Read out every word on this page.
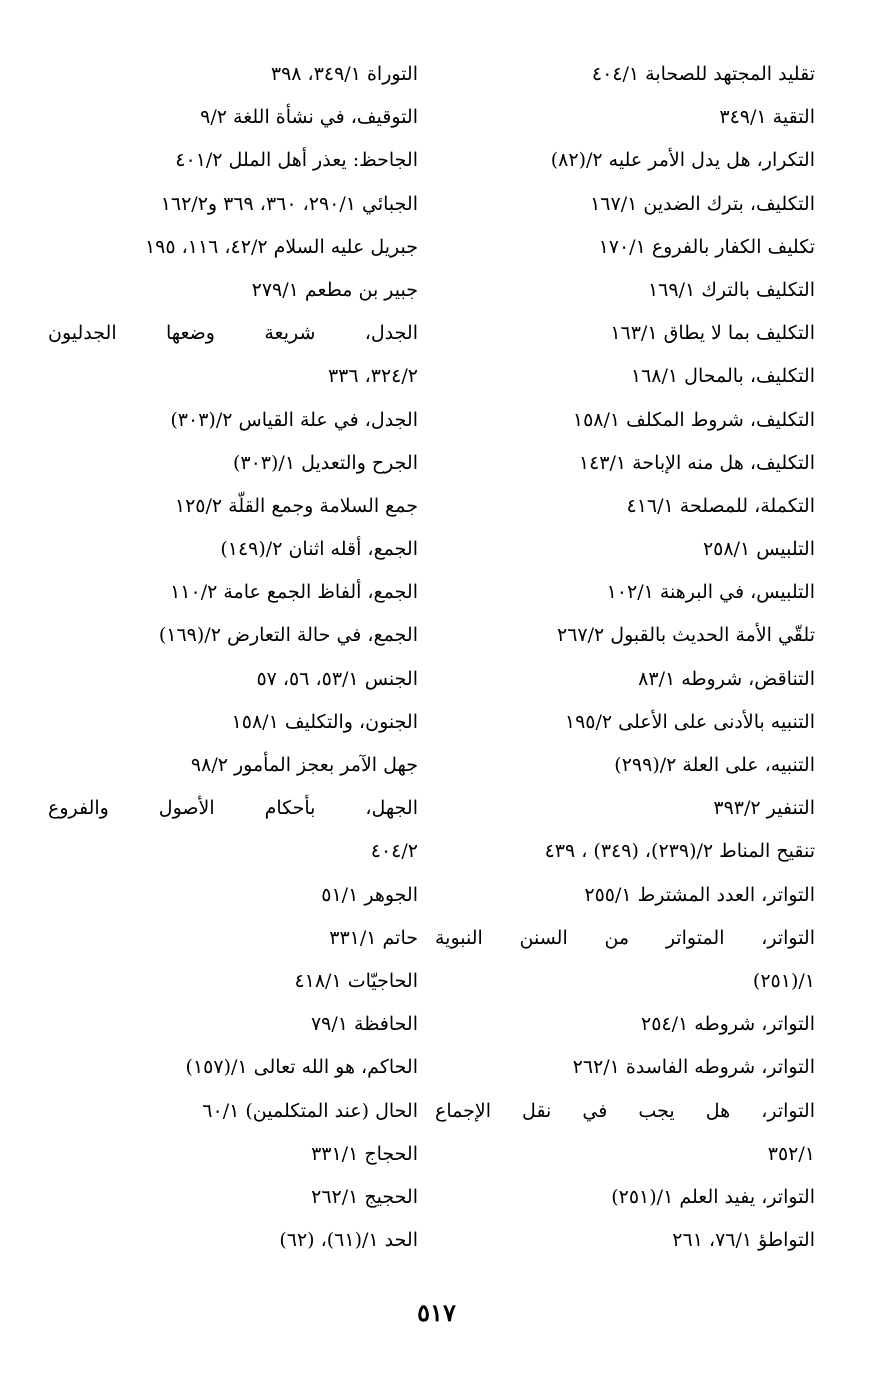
تقليد المجتهد للصحابة ٤٠٤/١
التقية ٣٤٩/١
التكرار، هل يدل الأمر عليه ٢/(٨٢)
التكليف، بترك الضدين ١٦٧/١
تكليف الكفار بالفروع ١٧٠/١
التكليف بالترك ١٦٩/١
التكليف بما لا يطاق ١٦٣/١
التكليف، بالمحال ١٦٨/١
التكليف، شروط المكلف ١٥٨/١
التكليف، هل منه الإباحة ١٤٣/١
التكملة، للمصلحة ٤١٦/١
التلبيس ٢٥٨/١
التلبيس، في البرهنة ١٠٢/١
تلقّي الأمة الحديث بالقبول ٢٦٧/٢
التناقض، شروطه ٨٣/١
التنبيه بالأدنى على الأعلى ١٩٥/٢
التنبيه، على العلة ٢/(٢٩٩)
التنفير ٣٩٣/٢
تنقيح المناط ٢/(٢٣٩)، (٣٤٩) ، ٤٣٩
التواتر، العدد المشترط ٢٥٥/١
التواتر، المتواتر من السنن النبوية
١/(٢٥١)
التواتر، شروطه ٢٥٤/١
التواتر، شروطه الفاسدة ٢٦٢/١
التواتر، هل يجب في نقل الإجماع
٣٥٢/١
التواتر، يفيد العلم ١/(٢٥١)
التواطؤ ٧٦/١، ٢٦١
التوراة ٣٤٩/١، ٣٩٨
التوقيف، في نشأة اللغة ٩/٢
الجاحظ: يعذر أهل الملل ٤٠١/٢
الجبائي ٢٩٠/١، ٣٦٠، ٣٦٩ و١٦٢/٢
جبريل عليه السلام ٤٢/٢، ١١٦، ١٩٥
جبير بن مطعم ٢٧٩/١
الجدل، شريعة وضعها الجدليون
٣٢٤/٢، ٣٣٦
الجدل، في علة القياس ٢/(٣٠٣)
الجرح والتعديل ١/(٣٠٣)
جمع السلامة وجمع القلّة ١٢٥/٢
الجمع، أقله اثنان ٢/(١٤٩)
الجمع، ألفاظ الجمع عامة ١١٠/٢
الجمع، في حالة التعارض ٢/(١٦٩)
الجنس ٥٣/١، ٥٦، ٥٧
الجنون، والتكليف ١٥٨/١
جهل الآمر بعجز المأمور ٩٨/٢
الجهل، بأحكام الأصول والفروع
٤٠٤/٢
الجوهر ٥١/١
حاتم ٣٣١/١
الحاجيّات ٤١٨/١
الحافظة ٧٩/١
الحاكم، هو الله تعالى ١/(١٥٧)
الحال (عند المتكلمين) ٦٠/١
الحجاج ٣٣١/١
الحجيج ٢٦٢/١
الحد ١/(٦١)، (٦٢)
٥١٧
